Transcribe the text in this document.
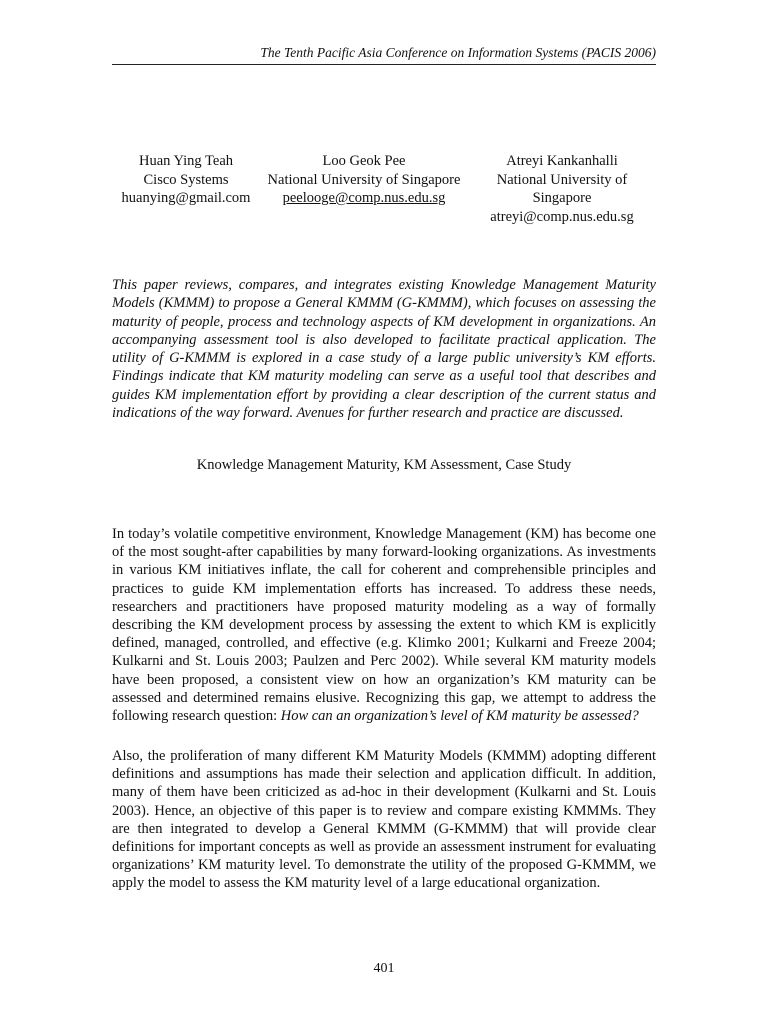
The Tenth Pacific Asia Conference on Information Systems (PACIS 2006)
Huan Ying Teah
Cisco Systems
huanying@gmail.com
Loo Geok Pee
National University of Singapore
peelooge@comp.nus.edu.sg
Atreyi Kankanhalli
National University of
Singapore
atreyi@comp.nus.edu.sg

This paper reviews, compares, and integrates existing Knowledge Management Maturity Models (KMMM) to propose a General KMMM (G-KMMM), which focuses on assessing the maturity of people, process and technology aspects of KM development in organizations. An accompanying assessment tool is also developed to facilitate practical application. The utility of G-KMMM is explored in a case study of a large public university’s KM efforts. Findings indicate that KM maturity modeling can serve as a useful tool that describes and guides KM implementation effort by providing a clear description of the current status and indications of the way forward. Avenues for further research and practice are discussed.

Knowledge Management Maturity, KM Assessment, Case Study

In today’s volatile competitive environment, Knowledge Management (KM) has become one of the most sought-after capabilities by many forward-looking organizations. As investments in various KM initiatives inflate, the call for coherent and comprehensible principles and practices to guide KM implementation efforts has increased. To address these needs, researchers and practitioners have proposed maturity modeling as a way of formally describing the KM development process by assessing the extent to which KM is explicitly defined, managed, controlled, and effective (e.g. Klimko 2001; Kulkarni and Freeze 2004; Kulkarni and St. Louis 2003; Paulzen and Perc 2002). While several KM maturity models have been proposed, a consistent view on how an organization’s KM maturity can be assessed and determined remains elusive. Recognizing this gap, we attempt to address the following research question: How can an organization’s level of KM maturity be assessed?

Also, the proliferation of many different KM Maturity Models (KMMM) adopting different definitions and assumptions has made their selection and application difficult. In addition, many of them have been criticized as ad-hoc in their development (Kulkarni and St. Louis 2003). Hence, an objective of this paper is to review and compare existing KMMMs. They are then integrated to develop a General KMMM (G-KMMM) that will provide clear definitions for important concepts as well as provide an assessment instrument for evaluating organizations’ KM maturity level. To demonstrate the utility of the proposed G-KMMM, we apply the model to assess the KM maturity level of a large educational organization.

401
